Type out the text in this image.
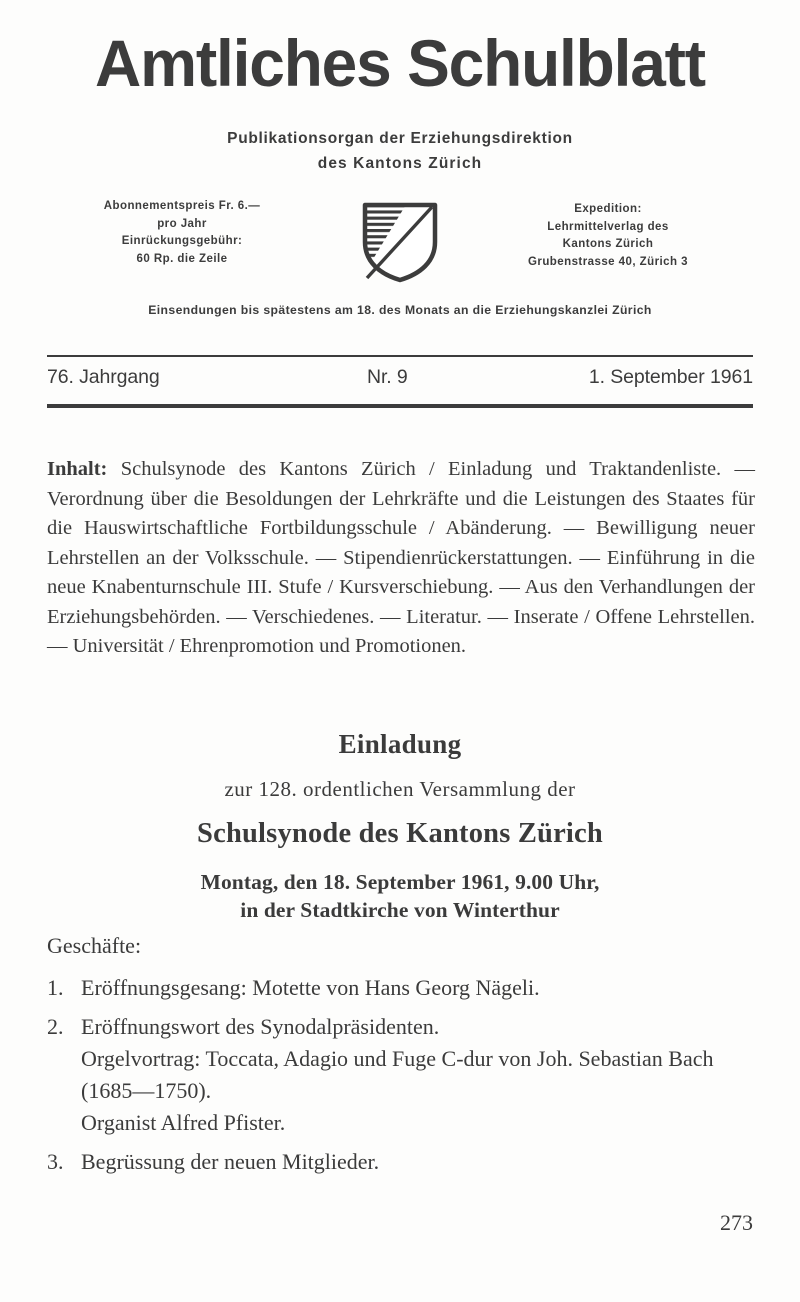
Amtliches Schulblatt
Publikationsorgan der Erziehungsdirektion
des Kantons Zürich
Abonnementspreis Fr. 6.—
pro Jahr
Einrückungsgebühr:
60 Rp. die Zeile
Expedition:
Lehrmittelverlag des
Kantons Zürich
Grubenstrasse 40, Zürich 3
Einsendungen bis spätestens am 18. des Monats an die Erziehungskanzlei Zürich
76. Jahrgang	Nr. 9	1. September 1961
Inhalt: Schulsynode des Kantons Zürich / Einladung und Traktandenliste. — Verordnung über die Besoldungen der Lehrkräfte und die Leistungen des Staates für die Hauswirtschaftliche Fortbildungsschule / Abänderung. — Bewilligung neuer Lehrstellen an der Volksschule. — Stipendienrückerstattungen. — Einführung in die neue Knabenturnschule III. Stufe / Kursverschiebung. — Aus den Verhandlungen der Erziehungsbehörden. — Verschiedenes. — Literatur. — Inserate / Offene Lehrstellen. — Universität / Ehrenpromotion und Promotionen.
Einladung
zur 128. ordentlichen Versammlung der
Schulsynode des Kantons Zürich
Montag, den 18. September 1961, 9.00 Uhr,
in der Stadtkirche von Winterthur
Geschäfte:
1. Eröffnungsgesang: Motette von Hans Georg Nägeli.
2. Eröffnungswort des Synodalpräsidenten.
Orgelvortrag: Toccata, Adagio und Fuge C-dur von Joh. Sebastian Bach (1685—1750).
Organist Alfred Pfister.
3. Begrüssung der neuen Mitglieder.
273
